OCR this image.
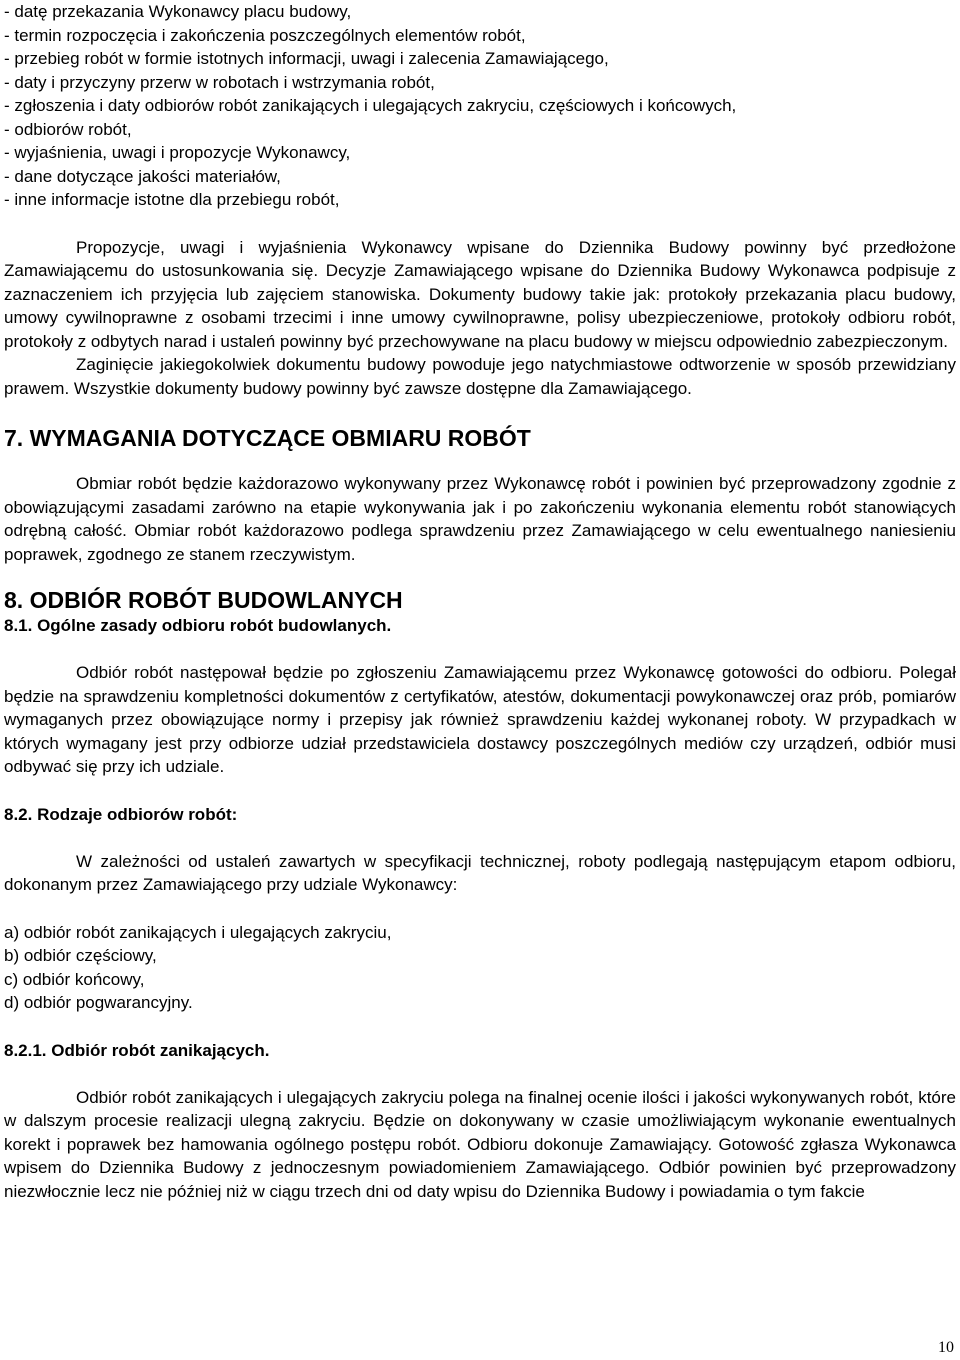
- datę przekazania Wykonawcy placu budowy,

- termin rozpoczęcia i zakończenia poszczególnych elementów robót,

- przebieg robót w formie istotnych informacji, uwagi i zalecenia Zamawiającego,

- daty i przyczyny przerw w robotach i wstrzymania robót,

- zgłoszenia i daty odbiorów robót zanikających i ulegających zakryciu, częściowych i końcowych,

- odbiorów robót,

- wyjaśnienia, uwagi i propozycje Wykonawcy,

- dane dotyczące jakości materiałów,

- inne informacje istotne dla przebiegu robót,

Propozycje, uwagi i wyjaśnienia Wykonawcy wpisane do Dziennika Budowy powinny być przedłożone Zamawiającemu do ustosunkowania się. Decyzje Zamawiającego wpisane do Dziennika Budowy Wykonawca podpisuje z zaznaczeniem ich przyjęcia lub zajęciem stanowiska. Dokumenty budowy takie jak: protokoły przekazania placu budowy, umowy cywilnoprawne z osobami trzecimi i inne umowy cywilnoprawne, polisy ubezpieczeniowe, protokoły odbioru robót, protokoły z odbytych narad i ustaleń powinny być przechowywane na placu budowy w miejscu odpowiednio zabezpieczonym.

Zaginięcie jakiegokolwiek dokumentu budowy powoduje jego natychmiastowe odtworzenie w sposób przewidziany prawem. Wszystkie dokumenty budowy powinny być zawsze dostępne dla Zamawiającego.

7. WYMAGANIA DOTYCZĄCE OBMIARU ROBÓT

Obmiar robót będzie każdorazowo wykonywany przez Wykonawcę robót i powinien być przeprowadzony zgodnie z obowiązującymi zasadami zarówno na etapie wykonywania jak i po zakończeniu wykonania elementu robót stanowiących odrębną całość. Obmiar robót każdorazowo podlega sprawdzeniu przez Zamawiającego w celu ewentualnego naniesieniu poprawek, zgodnego ze stanem rzeczywistym.

8. ODBIÓR ROBÓT BUDOWLANYCH

8.1. Ogólne zasady odbioru robót budowlanych.

Odbiór robót następował będzie po zgłoszeniu Zamawiającemu przez Wykonawcę gotowości do odbioru. Polegał będzie na sprawdzeniu kompletności dokumentów z certyfikatów, atestów, dokumentacji powykonawczej oraz prób, pomiarów wymaganych przez obowiązujące normy i przepisy jak również sprawdzeniu każdej wykonanej roboty. W przypadkach w których wymagany jest przy odbiorze udział przedstawiciela dostawcy poszczególnych mediów czy urządzeń, odbiór musi odbywać się przy ich udziale.

8.2. Rodzaje odbiorów robót:

W zależności od ustaleń zawartych w specyfikacji technicznej, roboty podlegają następującym etapom odbioru, dokonanym przez Zamawiającego przy udziale Wykonawcy:

a) odbiór robót zanikających i ulegających zakryciu,

b) odbiór częściowy,

c) odbiór końcowy,

d) odbiór pogwarancyjny.

8.2.1. Odbiór robót zanikających.

Odbiór robót zanikających i ulegających zakryciu polega na finalnej ocenie ilości i jakości wykonywanych robót, które w dalszym procesie realizacji ulegną zakryciu. Będzie on dokonywany w czasie umożliwiającym wykonanie ewentualnych korekt i poprawek bez hamowania ogólnego postępu robót. Odbioru dokonuje Zamawiający. Gotowość zgłasza Wykonawca wpisem do Dziennika Budowy z jednoczesnym powiadomieniem Zamawiającego. Odbiór powinien być przeprowadzony niezwłocznie lecz nie później niż w ciągu trzech dni od daty wpisu do Dziennika Budowy i powiadamia o tym fakcie

10
